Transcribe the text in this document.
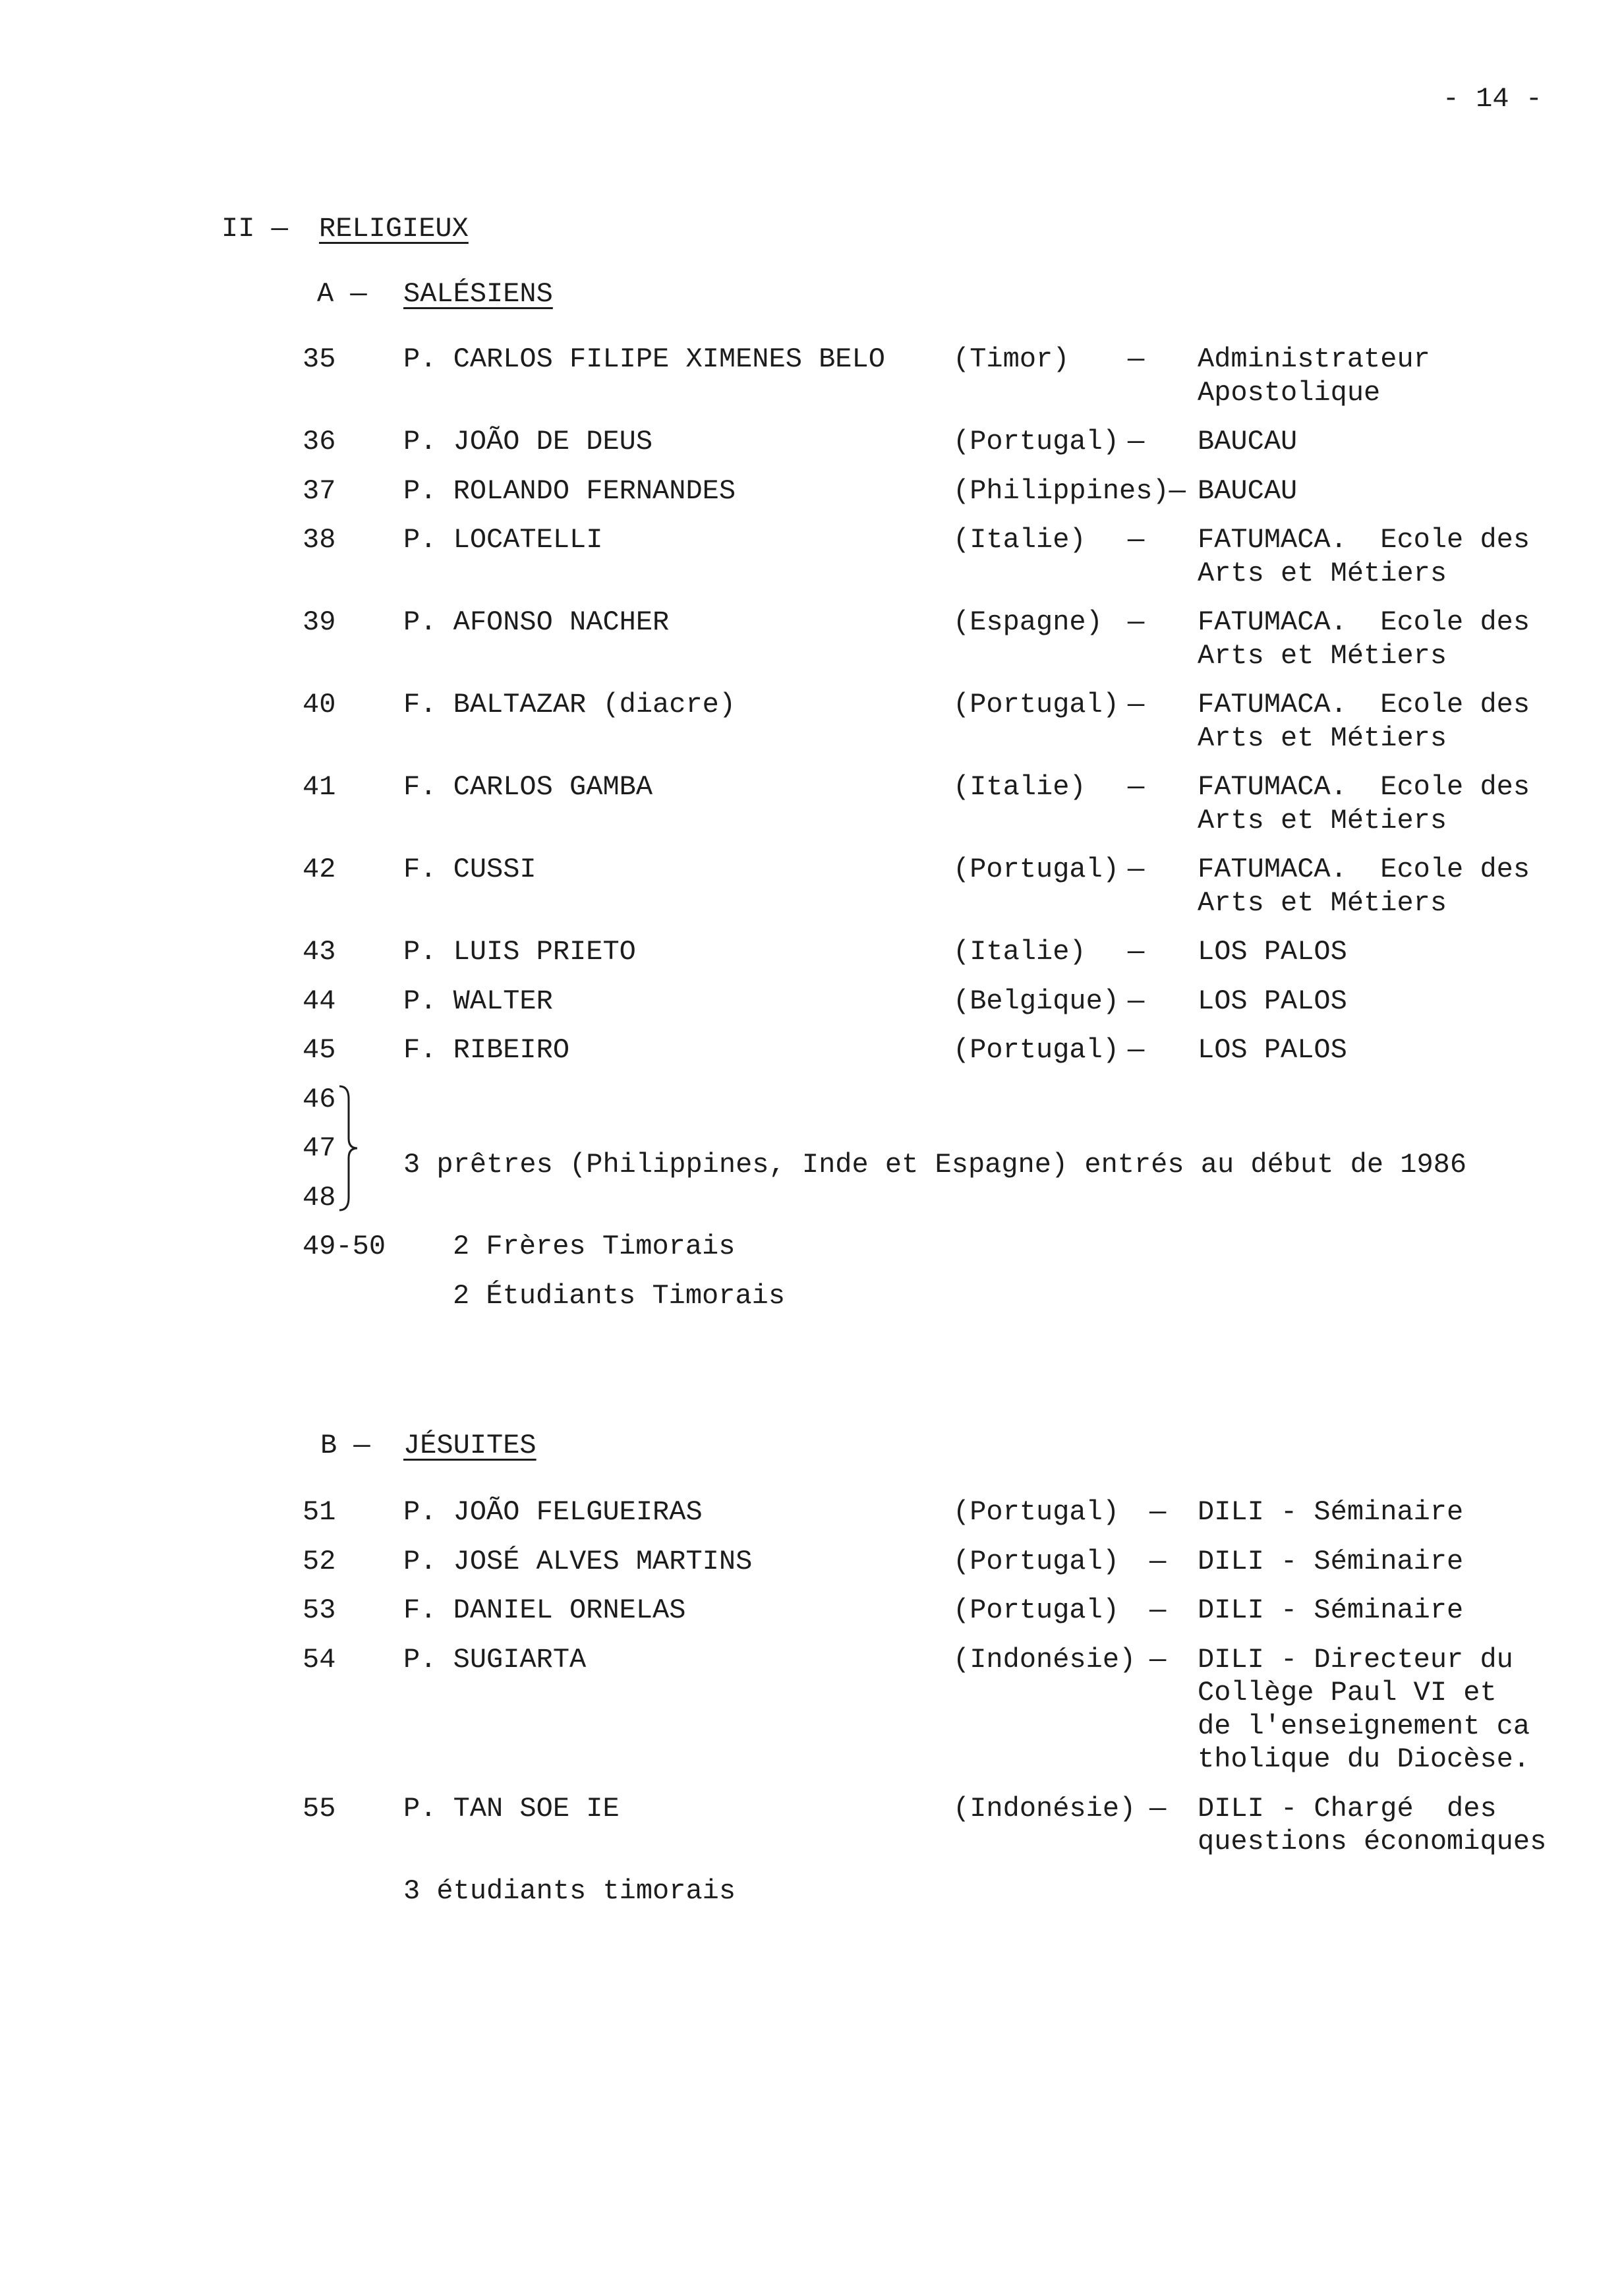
- 14 -
II — RELIGIEUX
A — SALÉSIENS
35	P. CARLOS FILIPE XIMENES BELO	(Timor)	— Administrateur
Apostolique
36	P. JOÃO DE DEUS	(Portugal) — BAUCAU
37	P. ROLANDO FERNANDES	(Philippines) — BAUCAU
38	P. LOCATELLI	(Italie)	— FATUMACA.  Ecole des
Arts et Métiers
39	P. AFONSO NACHER	(Espagne) — FATUMACA.  Ecole des
Arts et Métiers
40	F. BALTAZAR (diacre)	(Portugal) — FATUMACA.  Ecole des
Arts et Métiers
41	F. CARLOS GAMBA	(Italie)	— FATUMACA.  Ecole des
Arts et Métiers
42	F. CUSSI	(Portugal) — FATUMACA.  Ecole des
Arts et Métiers
43	P. LUIS PRIETO	(Italie)	— LOS PALOS
44	P. WALTER	(Belgique) — LOS PALOS
45	F. RIBEIRO	(Portugal) — LOS PALOS
46
47
48
3 prêtres (Philippines, Inde et Espagne) entrés au début de 1986
49-50	2 Frères Timorais
2 Étudiants Timorais
B — JÉSUITES
51	P. JOÃO FELGUEIRAS	(Portugal)	— DILI - Séminaire
52	P. JOSÉ ALVES MARTINS	(Portugal)	— DILI - Séminaire
53	F. DANIEL ORNELAS	(Portugal)	— DILI - Séminaire
54	P. SUGIARTA	(Indonésie) — DILI - Directeur du
Collège Paul VI et
de l'enseignement ca
tholique du Diocèse.
55	P. TAN SOE IE	(Indonésie) — DILI - Chargé  des
questions économiques
3 étudiants timorais
